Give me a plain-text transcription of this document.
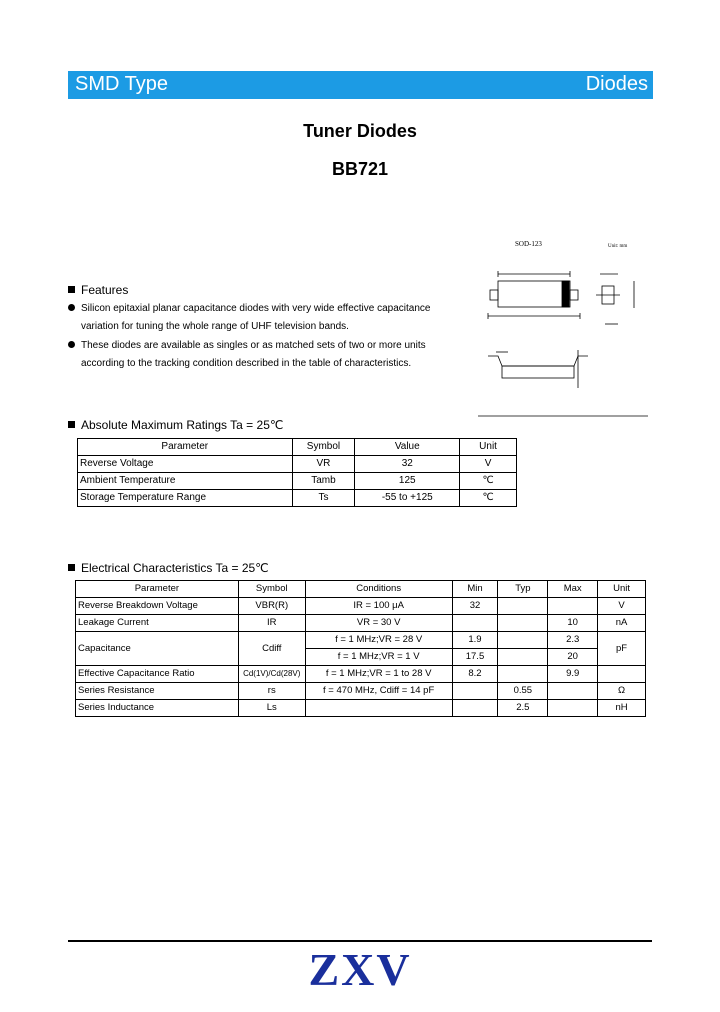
SMD Type	Diodes
Tuner Diodes
BB721
SOD-123	Unit: mm
Features
Silicon epitaxial planar capacitance diodes with very wide effective capacitance
variation for tuning the whole range of UHF television bands.
These diodes are available as singles or as matched sets of two or more units
according to the tracking condition described in the table of characteristics.
Absolute Maximum Ratings Ta = 25℃
Parameter	Symbol	Value	Unit
Reverse Voltage	VR	32	V
Ambient Temperature	Tamb	125	℃
Storage Temperature Range	Ts	-55 to +125	℃
Electrical Characteristics Ta = 25℃
Parameter	Symbol	Conditions	Min	Typ	Max	Unit
Reverse Breakdown Voltage	VBR(R)	IR = 100 μA	32			V
Leakage Current	IR	VR = 30 V			10	nA
Capacitance	Cdiff	f = 1 MHz;VR = 28 V	1.9		2.3	pF
		f = 1 MHz;VR = 1 V	17.5		20	
Effective Capacitance Ratio	Cd(1V)/Cd(28V)	f = 1 MHz;VR = 1 to 28 V	8.2		9.9	
Series Resistance	rs	f = 470 MHz, Cdiff = 14 pF		0.55		Ω
Series Inductance	Ls			2.5		nH
ZXV
